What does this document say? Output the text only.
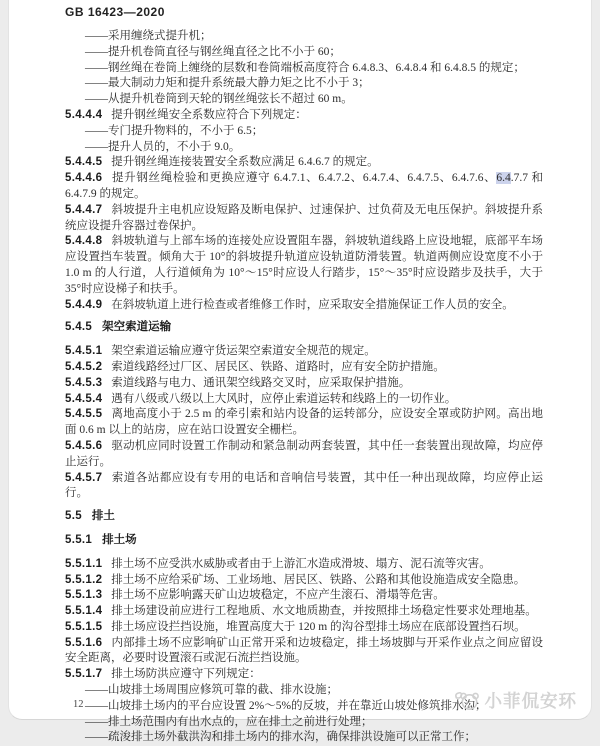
GB 16423—2020

——采用缠绕式提升机；

——提升机卷筒直径与钢丝绳直径之比不小于 60；

——钢丝绳在卷筒上缠绕的层数和卷筒端板高度符合 6.4.8.3、6.4.8.4 和 6.4.8.5 的规定；

——最大制动力矩和提升系统最大静力矩之比不小于 3；

——从提升机卷筒到天轮的钢丝绳弦长不超过 60 m。

5.4.4.4 提升钢丝绳安全系数应符合下列规定：

——专门提升物料的，不小于 6.5；

——提升人员的，不小于 9.0。

5.4.4.5 提升钢丝绳连接装置安全系数应满足 6.4.6.7 的规定。

5.4.4.6 提升钢丝绳检验和更换应遵守 6.4.7.1、6.4.7.2、6.4.7.4、6.4.7.5、6.4.7.6、6.4.7.7 和 6.4.7.9 的规定。

5.4.4.7 斜坡提升主电机应设短路及断电保护、过速保护、过负荷及无电压保护。斜坡提升系统应设提升容器过卷保护。

5.4.4.8 斜坡轨道与上部车场的连接处应设置阻车器，斜坡轨道线路上应设地辊，底部平车场应设置挡车装置。倾角大于 10°的斜坡提升轨道应设轨道防滑装置。轨道两侧应设宽度不小于 1.0 m 的人行道，人行道倾角为 10°～15°时应设人行踏步，15°～35°时应设踏步及扶手，大于 35°时应设梯子和扶手。

5.4.4.9 在斜坡轨道上进行检查或者维修工作时，应采取安全措施保证工作人员的安全。

5.4.5 架空索道运输

5.4.5.1 架空索道运输应遵守货运架空索道安全规范的规定。

5.4.5.2 索道线路经过厂区、居民区、铁路、道路时，应有安全防护措施。

5.4.5.3 索道线路与电力、通讯架空线路交叉时，应采取保护措施。

5.4.5.4 遇有八级或八级以上大风时，应停止索道运转和线路上的一切作业。

5.4.5.5 离地高度小于 2.5 m 的牵引索和站内设备的运转部分，应设安全罩或防护网。高出地面 0.6 m 以上的站房，应在站口设置安全栅栏。

5.4.5.6 驱动机应同时设置工作制动和紧急制动两套装置，其中任一套装置出现故障，均应停止运行。

5.4.5.7 索道各站都应设有专用的电话和音响信号装置，其中任一种出现故障，均应停止运行。

5.5 排土

5.5.1 排土场

5.5.1.1 排土场不应受洪水威胁或者由于上游汇水造成滑坡、塌方、泥石流等灾害。

5.5.1.2 排土场不应给采矿场、工业场地、居民区、铁路、公路和其他设施造成安全隐患。

5.5.1.3 排土场不应影响露天矿山边坡稳定，不应产生滚石、滑塌等危害。

5.5.1.4 排土场建设前应进行工程地质、水文地质勘查，并按照排土场稳定性要求处理地基。

5.5.1.5 排土场应设拦挡设施，堆置高度大于 120 m 的沟谷型排土场应在底部设置挡石坝。

5.5.1.6 内部排土场不应影响矿山正常开采和边坡稳定，排土场坡脚与开采作业点之间应留设安全距离，必要时设置滚石或泥石流拦挡设施。

5.5.1.7 排土场防洪应遵守下列规定：

——山坡排土场周围应修筑可靠的截、排水设施；

——山坡排土场内的平台应设置 2%～5%的反坡，并在靠近山坡处修筑排水沟；

——排土场范围内有出水点的，应在排土之前进行处理；

——疏浚排土场外截洪沟和排土场内的排水沟，确保排洪设施可以正常工作；

12	小菲侃安环
